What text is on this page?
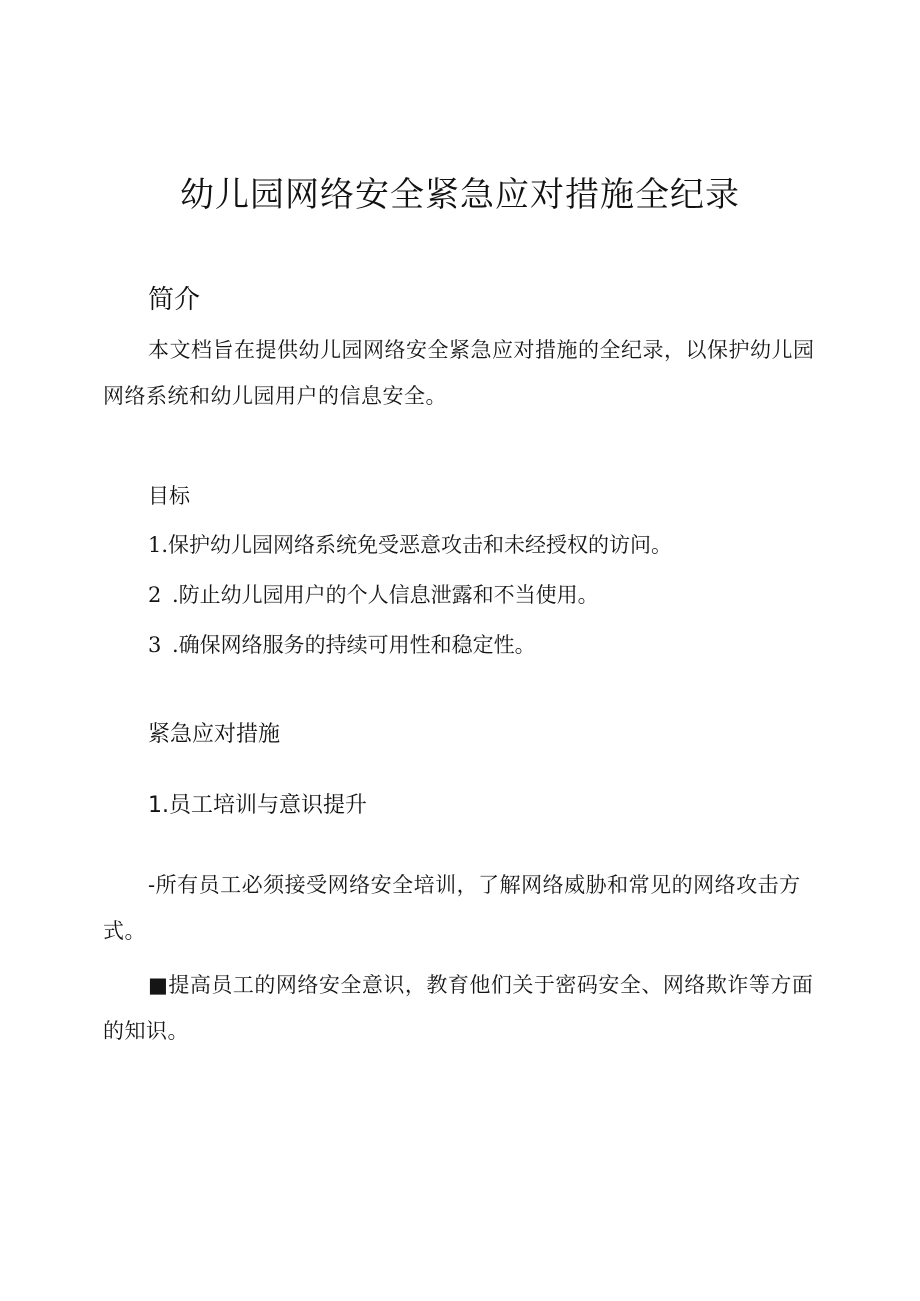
幼儿园网络安全紧急应对措施全纪录
简介

本文档旨在提供幼儿园网络安全紧急应对措施的全纪录，以保护幼儿园网络系统和幼儿园用户的信息安全。

目标
1.保护幼儿园网络系统免受恶意攻击和未经授权的访问。
2 .防止幼儿园用户的个人信息泄露和不当使用。
3 .确保网络服务的持续可用性和稳定性。
紧急应对措施
1.员工培训与意识提升

-所有员工必须接受网络安全培训，了解网络威胁和常见的网络攻击方式。

■提高员工的网络安全意识，教育他们关于密码安全、网络欺诈等方面的知识。
